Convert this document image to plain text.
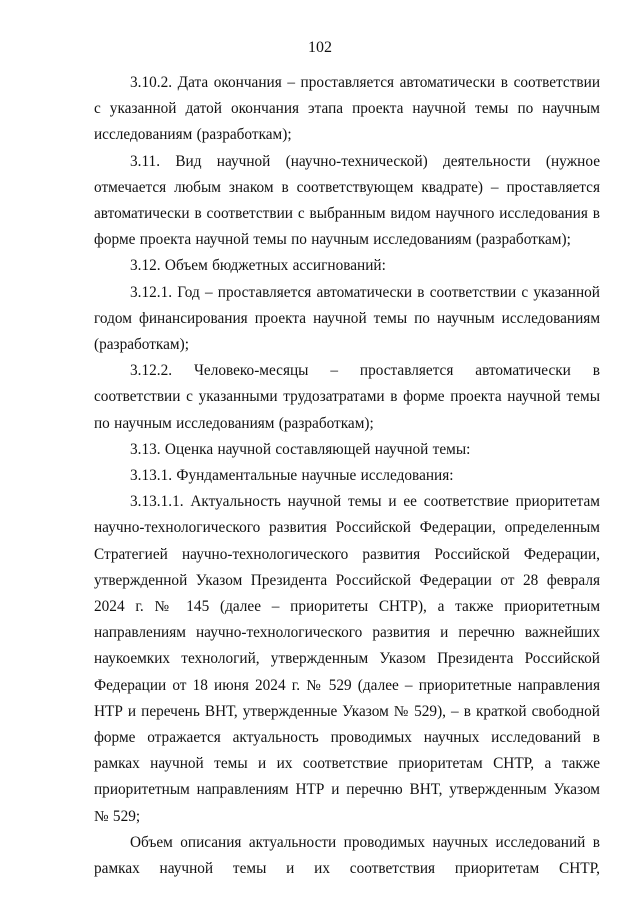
102

3.10.2. Дата окончания – проставляется автоматически в соответствии с указанной датой окончания этапа проекта научной темы по научным исследованиям (разработкам);

3.11. Вид научной (научно-технической) деятельности (нужное отмечается любым знаком в соответствующем квадрате) – проставляется автоматически в соответствии с выбранным видом научного исследования в форме проекта научной темы по научным исследованиям (разработкам);

3.12. Объем бюджетных ассигнований:

3.12.1. Год – проставляется автоматически в соответствии с указанной годом финансирования проекта научной темы по научным исследованиям (разработкам);

3.12.2. Человеко-месяцы – проставляется автоматически в соответствии с указанными трудозатратами в форме проекта научной темы по научным исследованиям (разработкам);

3.13. Оценка научной составляющей научной темы:

3.13.1. Фундаментальные научные исследования:

3.13.1.1. Актуальность научной темы и ее соответствие приоритетам научно-технологического развития Российской Федерации, определенным Стратегией научно-технологического развития Российской Федерации, утвержденной Указом Президента Российской Федерации от 28 февраля 2024 г. № 145 (далее – приоритеты СНТР), а также приоритетным направлениям научно-технологического развития и перечню важнейших наукоемких технологий, утвержденным Указом Президента Российской Федерации от 18 июня 2024 г. № 529 (далее – приоритетные направления НТР и перечень ВНТ, утвержденные Указом № 529), – в краткой свободной форме отражается актуальность проводимых научных исследований в рамках научной темы и их соответствие приоритетам СНТР, а также приоритетным направлениям НТР и перечню ВНТ, утвержденным Указом № 529;

Объем описания актуальности проводимых научных исследований в рамках научной темы и их соответствия приоритетам СНТР,
